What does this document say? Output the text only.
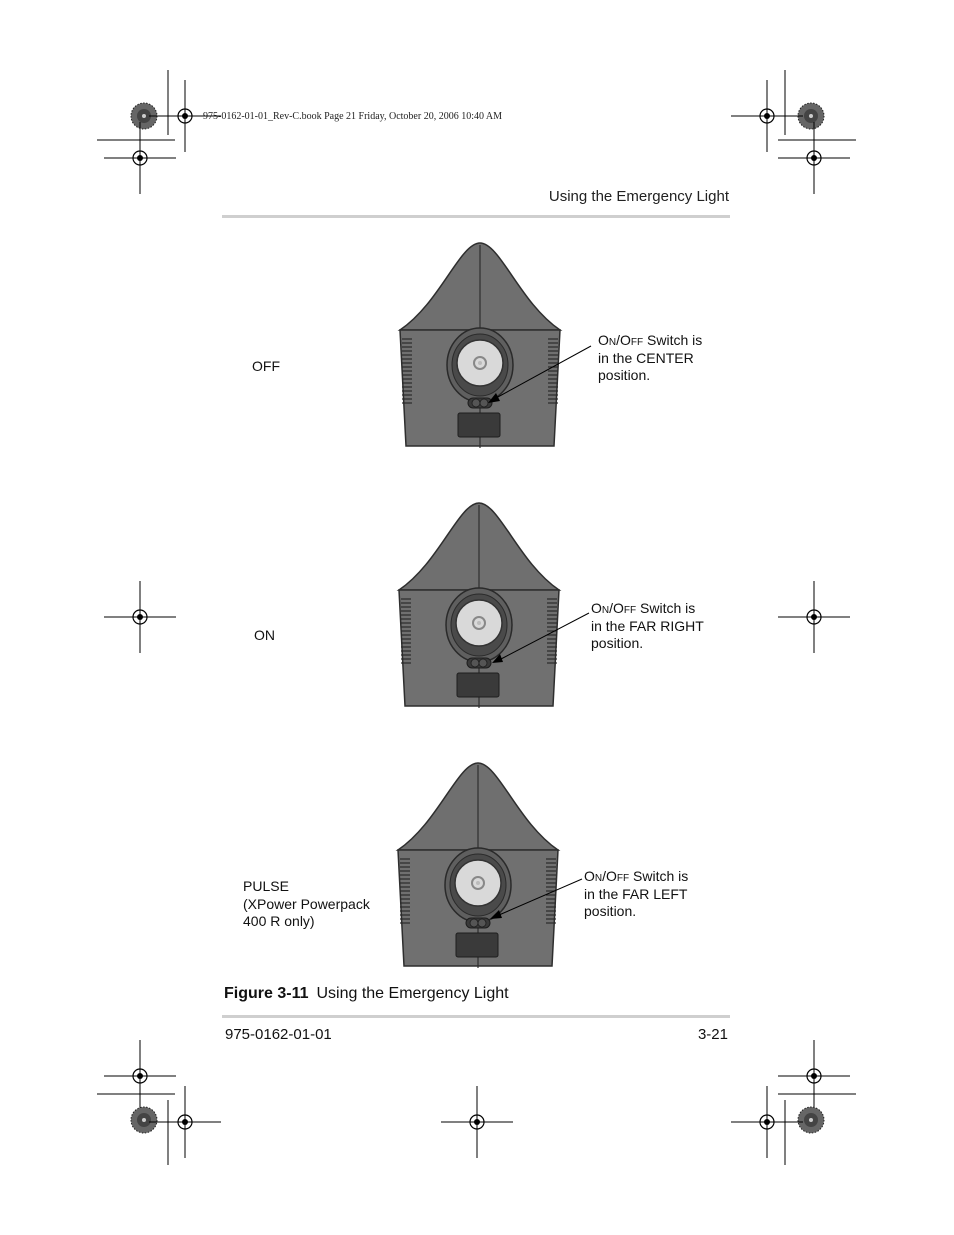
975-0162-01-01_Rev-C.book Page 21 Friday, October 20, 2006 10:40 AM
Using the Emergency Light
OFF
On/Off Switch is
in the CENTER
position.
ON
On/Off Switch is
in the FAR RIGHT
position.
PULSE
(XPower Powerpack
400 R only)
On/Off Switch is
in the FAR LEFT
position.
Figure 3-11 Using the Emergency Light
975-0162-01-01	3-21
